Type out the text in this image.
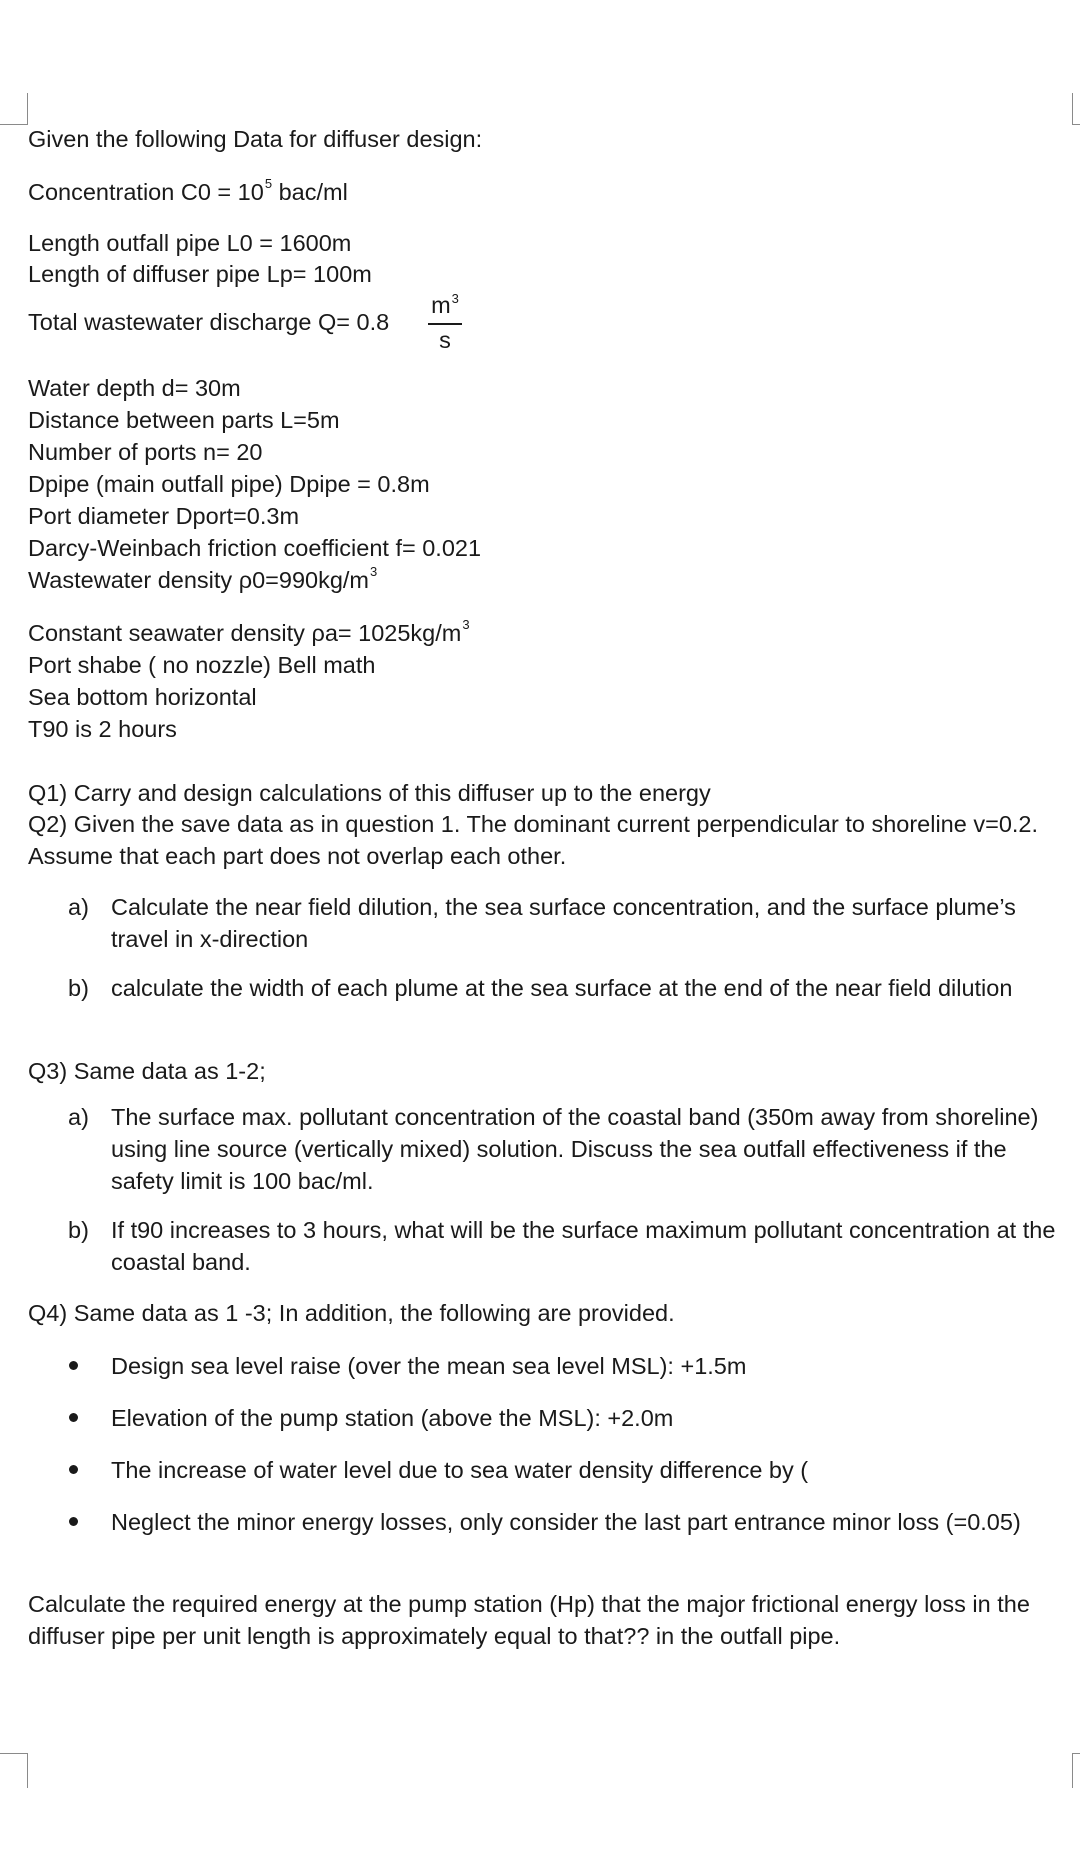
Given the following Data for diffuser design:
Concentration $C0 = 10^5$ bac/ml
Length outfall pipe L0 = 1600m
Length of diffuser pipe Lp= 100m
Total wastewater discharge Q= 0.8
$m^3$
s
Water depth d= 30m
Distance between parts L=5m
Number of ports n= 20
Dpipe (main outfall pipe) Dpipe = 0.8m
Port diameter Dport=0.3m
Darcy-Weinbach friction coefficient f= 0.021
Wastewater density $\rho 0=990kg/m^3$
Constant seawater density $\rho a= 1025kg/m^3$
Port shabe ( no nozzle) Bell math
Sea bottom horizontal
T90 is 2 hours
Q1) Carry and design calculations of this diffuser up to the energy
Q2) Given the save data as in question 1. The dominant current perpendicular to shoreline v=0.2. Assume that each part does not overlap each other.
a) Calculate the near field dilution, the sea surface concentration, and the surface plume’s travel in x-direction
b) calculate the width of each plume at the sea surface at the end of the near field dilution
Q3) Same data as 1-2;
a) The surface max. pollutant concentration of the coastal band (350m away from shoreline) using line source (vertically mixed) solution. Discuss the sea outfall effectiveness if the safety limit is 100 bac/ml.
b) If t90 increases to 3 hours, what will be the surface maximum pollutant concentration at the coastal band.
Q4) Same data as 1 -3; In addition, the following are provided.
Design sea level raise (over the mean sea level MSL): +1.5m
Elevation of the pump station (above the MSL): +2.0m
The increase of water level due to sea water density difference by (
Neglect the minor energy losses, only consider the last part entrance minor loss (=0.05)
Calculate the required energy at the pump station (Hp) that the major frictional energy loss in the diffuser pipe per unit length is approximately equal to that?? in the outfall pipe.
